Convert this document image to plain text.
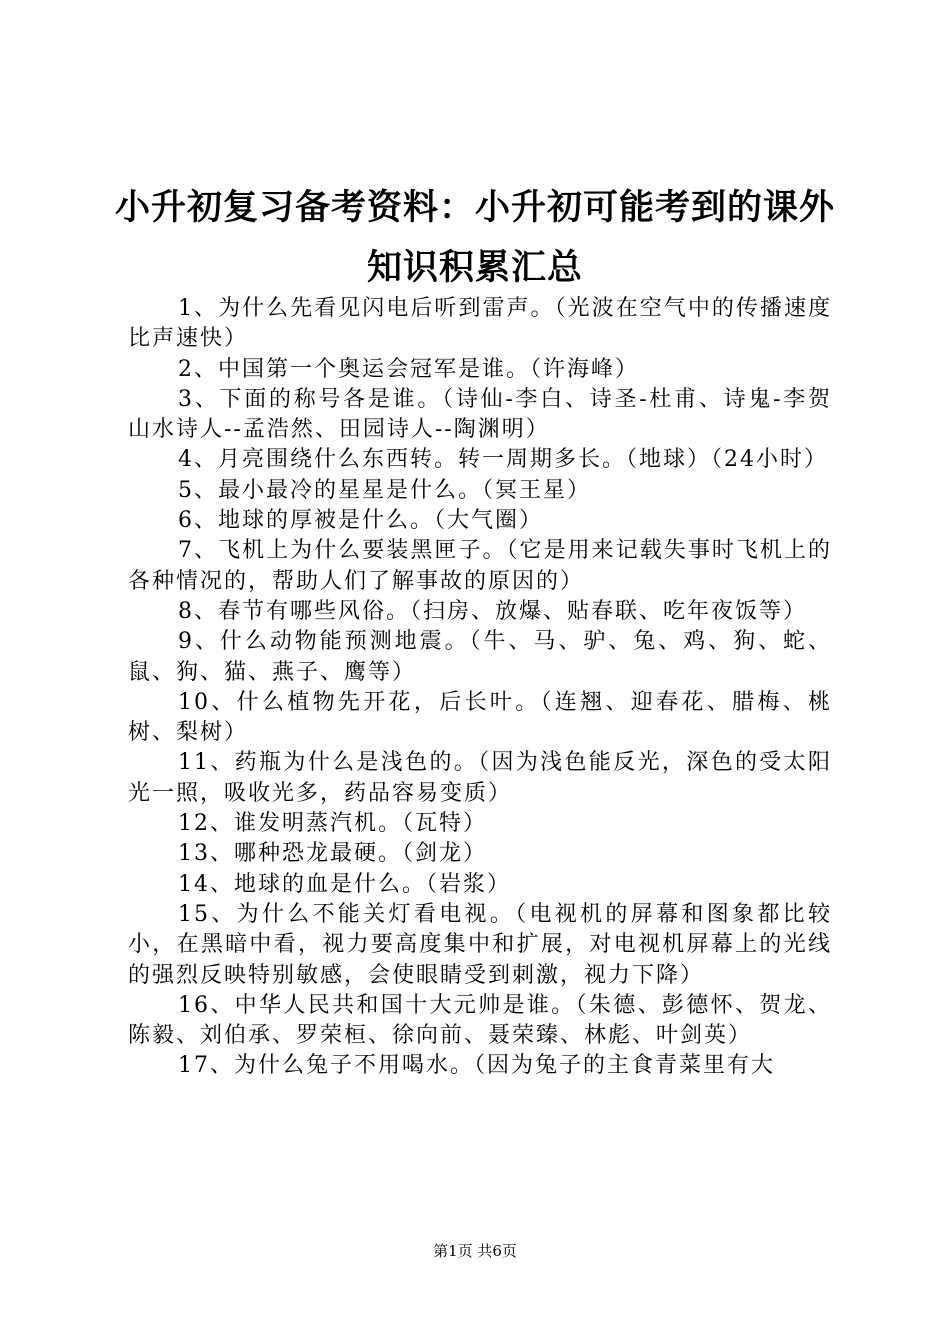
小升初复习备考资料：小升初可能考到的课外
知识积累汇总

1、为什么先看见闪电后听到雷声。（光波在空气中的传播速度比声速快）

2、中国第一个奥运会冠军是谁。（许海峰）

3、下面的称号各是谁。（诗仙-李白、诗圣-杜甫、诗鬼-李贺山水诗人--孟浩然、田园诗人--陶渊明）

4、月亮围绕什么东西转。转一周期多长。（地球）（24小时）

5、最小最冷的星星是什么。（冥王星）

6、地球的厚被是什么。（大气圈）

7、飞机上为什么要装黑匣子。（它是用来记载失事时飞机上的各种情况的，帮助人们了解事故的原因的）

8、春节有哪些风俗。（扫房、放爆、贴春联、吃年夜饭等）

9、什么动物能预测地震。（牛、马、驴、兔、鸡、狗、蛇、鼠、狗、猫、燕子、鹰等）

10、什么植物先开花，后长叶。（连翘、迎春花、腊梅、桃树、梨树）

11、药瓶为什么是浅色的。（因为浅色能反光，深色的受太阳光一照，吸收光多，药品容易变质）

12、谁发明蒸汽机。（瓦特）

13、哪种恐龙最硬。（剑龙）

14、地球的血是什么。（岩浆）

15、为什么不能关灯看电视。（电视机的屏幕和图象都比较小，在黑暗中看，视力要高度集中和扩展，对电视机屏幕上的光线的强烈反映特别敏感，会使眼睛受到刺激，视力下降）

16、中华人民共和国十大元帅是谁。（朱德、彭德怀、贺龙、陈毅、刘伯承、罗荣桓、徐向前、聂荣臻、林彪、叶剑英）

17、为什么兔子不用喝水。（因为兔子的主食青菜里有大

第1页 共6页
